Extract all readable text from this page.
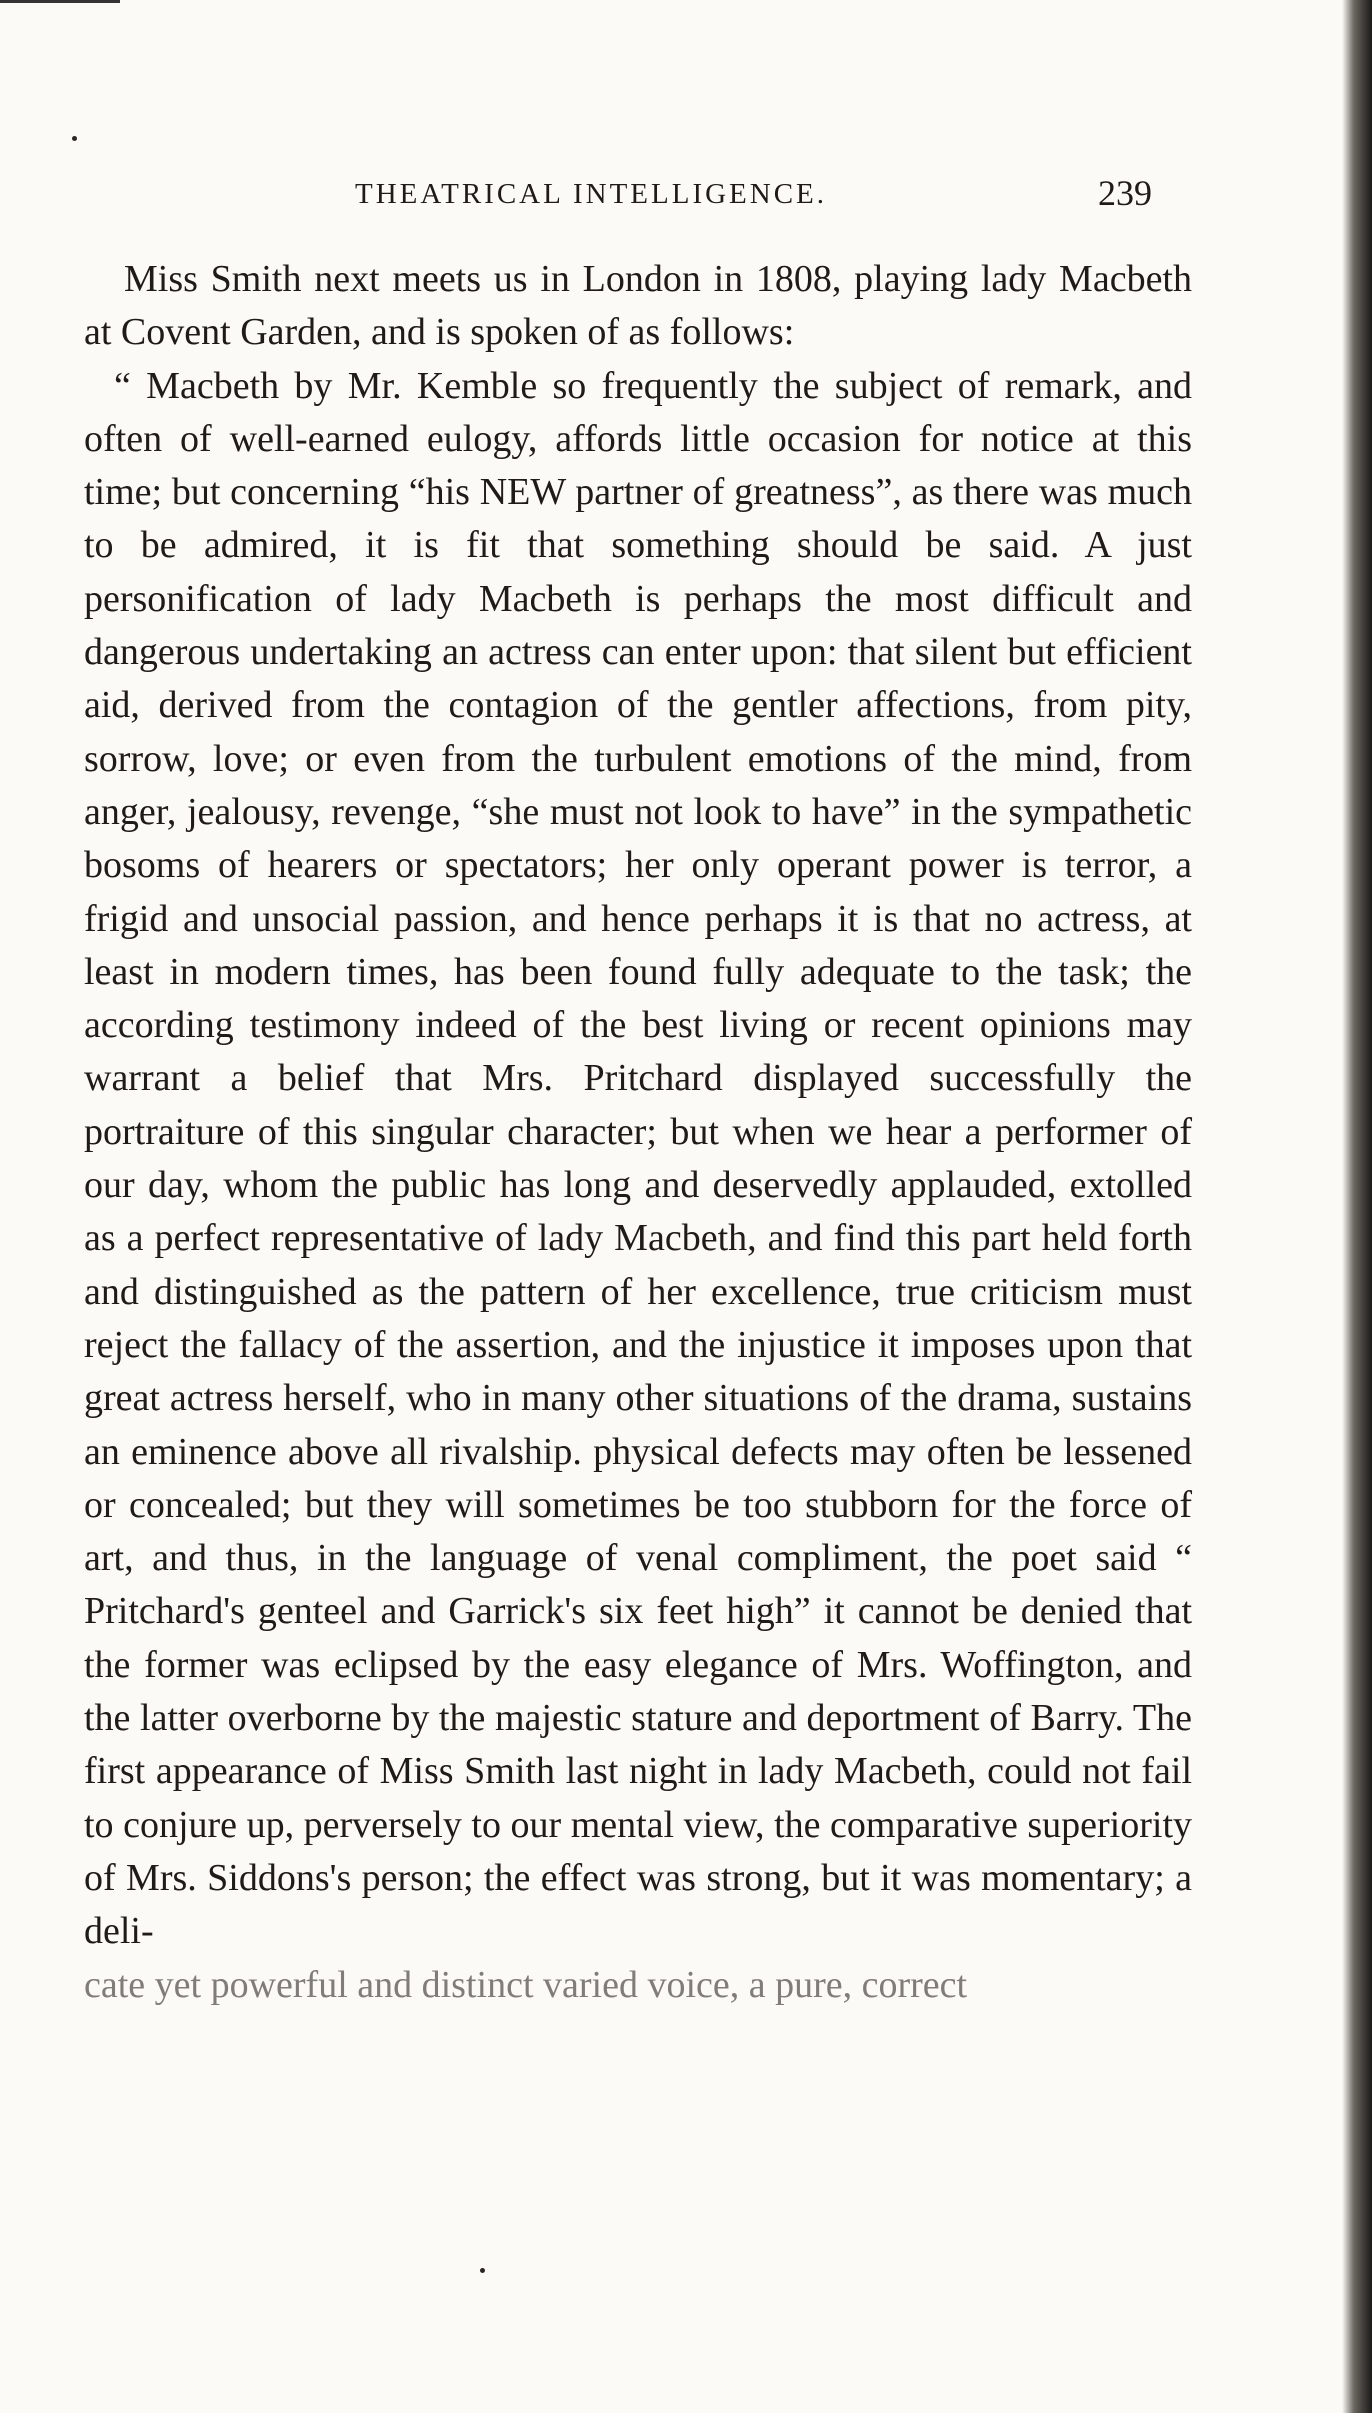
THEATRICAL INTELLIGENCE.	239

Miss Smith next meets us in London in 1808, playing lady Macbeth at Covent Garden, and is spoken of as follows:

“ Macbeth by Mr. Kemble so frequently the subject of remark, and often of well-earned eulogy, affords little occasion for notice at this time; but concerning “his NEW partner of greatness”, as there was much to be admired, it is fit that something should be said. A just personification of lady Macbeth is perhaps the most difficult and dangerous undertaking an actress can enter upon: that silent but efficient aid, derived from the contagion of the gentler affections, from pity, sorrow, love; or even from the turbulent emotions of the mind, from anger, jealousy, revenge, “she must not look to have” in the sympathetic bosoms of hearers or spectators; her only operant power is terror, a frigid and unsocial passion, and hence perhaps it is that no actress, at least in modern times, has been found fully adequate to the task; the according testimony indeed of the best living or recent opinions may warrant a belief that Mrs. Pritchard displayed successfully the portraiture of this singular character; but when we hear a performer of our day, whom the public has long and deservedly applauded, extolled as a perfect representative of lady Macbeth, and find this part held forth and distinguished as the pattern of her excellence, true criticism must reject the fallacy of the assertion, and the injustice it imposes upon that great actress herself, who in many other situations of the drama, sustains an eminence above all rivalship. physical defects may often be lessened or concealed; but they will sometimes be too stubborn for the force of art, and thus, in the language of venal compliment, the poet said “ Pritchard's genteel and Garrick's six feet high” it cannot be denied that the former was eclipsed by the easy elegance of Mrs. Woffington, and the latter overborne by the majestic stature and deportment of Barry. The first appearance of Miss Smith last night in lady Macbeth, could not fail to conjure up, perversely to our mental view, the comparative superiority of Mrs. Siddons's person; the effect was strong, but it was momentary; a deli-

cate yet powerful and distinct varied voice, a pure, correct
